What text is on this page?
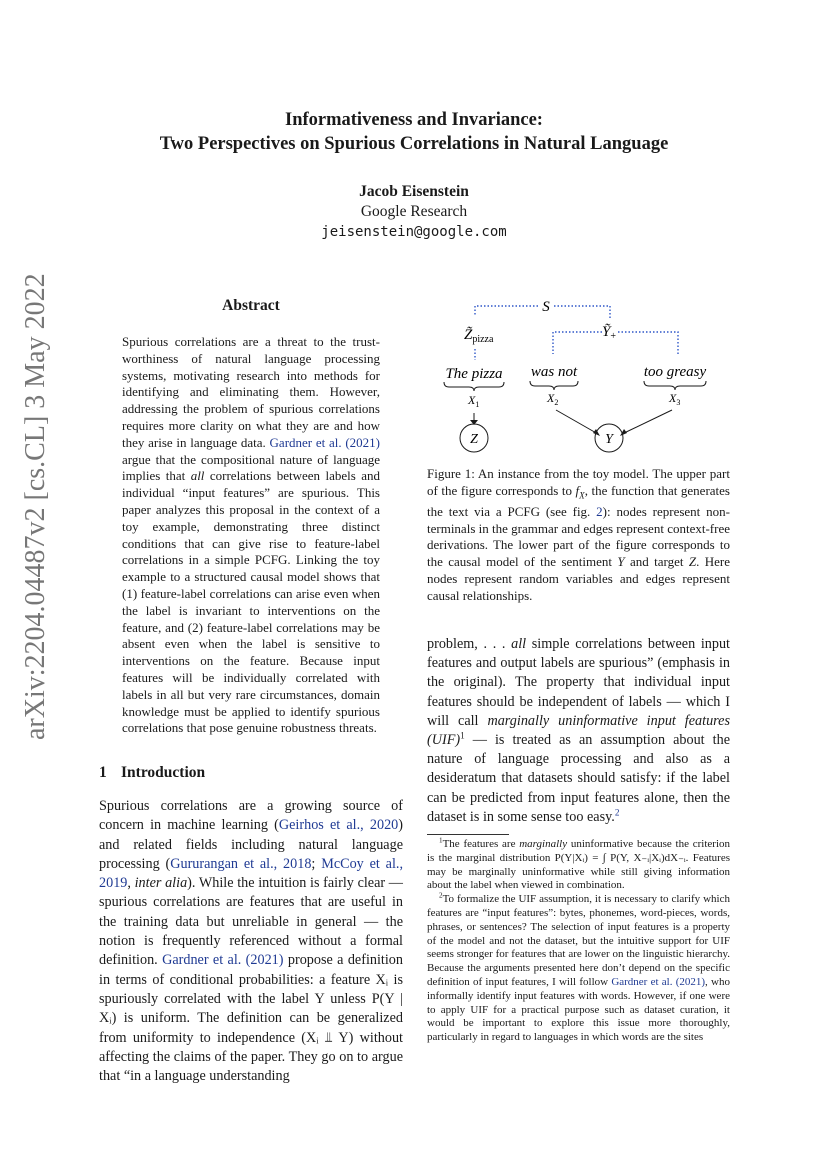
Informativeness and Invariance:
Two Perspectives on Spurious Correlations in Natural Language
Jacob Eisenstein
Google Research
jeisenstein@google.com
arXiv:2204.04487v2 [cs.CL] 3 May 2022	Abstract
Spurious correlations are a threat to the trustworthiness of natural language processing systems, motivating research into methods for identifying and eliminating them. However, addressing the problem of spurious correlations requires more clarity on what they are and how they arise in language data. Gardner et al. (2021) argue that the compositional nature of language implies that all correlations between labels and individual “input features” are spurious. This paper analyzes this proposal in the context of a toy example, demonstrating three distinct conditions that can give rise to feature-label correlations in a simple PCFG. Linking the toy example to a structured causal model shows that (1) feature-label correlations can arise even when the label is invariant to interventions on the feature, and (2) feature-label correlations may be absent even when the label is sensitive to interventions on the feature. Because input features will be individually correlated with labels in all but very rare circumstances, domain knowledge must be applied to identify spurious correlations that pose genuine robustness threats.
1 Introduction
Spurious correlations are a growing source of concern in machine learning (Geirhos et al., 2020) and related fields including natural language processing (Gururangan et al., 2018; McCoy et al., 2019, inter alia). While the intuition is fairly clear — spurious correlations are features that are useful in the training data but unreliable in general — the notion is frequently referenced without a formal definition. Gardner et al. (2021) propose a definition in terms of conditional probabilities: a feature Xᵢ is spuriously correlated with the label Y unless P(Y | Xᵢ) is uniform. The definition can be generalized from uniformity to independence (Xᵢ ⫫ Y) without affecting the claims of the paper. They go on to argue that “in a language understanding
S
$Z̃_{pizza}$	Ỹ$_+$
The pizza was not	too greasy
$X_1$	$X_2$	$X_3$
Z	Y
Figure 1: An instance from the toy model. The upper part of the figure corresponds to $f_X$, the function that generates the text via a PCFG (see fig. 2): nodes represent non-terminals in the grammar and edges represent context-free derivations. The lower part of the figure corresponds to the causal model of the sentiment Y and target Z. Here nodes represent random variables and edges represent causal relationships.
problem, . . . all simple correlations between input features and output labels are spurious” (emphasis in the original). The property that individual input features should be independent of labels — which I will call marginally uninformative input features (UIF)$^1$ — is treated as an assumption about the nature of language processing and also as a desideratum that datasets should satisfy: if the label can be predicted from input features alone, then the dataset is in some sense too easy.$^2$

$^1$The features are marginally uninformative because the criterion is the marginal distribution P(Y|Xᵢ) = ∫ P(Y, X₋ᵢ|Xᵢ)dX₋ᵢ. Features may be marginally uninformative while still giving information about the label when viewed in combination.

$^2$To formalize the UIF assumption, it is necessary to clarify which features are “input features”: bytes, phonemes, word-pieces, words, phrases, or sentences? The selection of input features is a property of the model and not the dataset, but the intuitive support for UIF seems stronger for features that are lower on the linguistic hierarchy. Because the arguments presented here don’t depend on the specific definition of input features, I will follow Gardner et al. (2021), who informally identify input features with words. However, if one were to apply UIF for a practical purpose such as dataset curation, it would be important to explore this issue more thoroughly, particularly in regard to languages in which words are the sites
